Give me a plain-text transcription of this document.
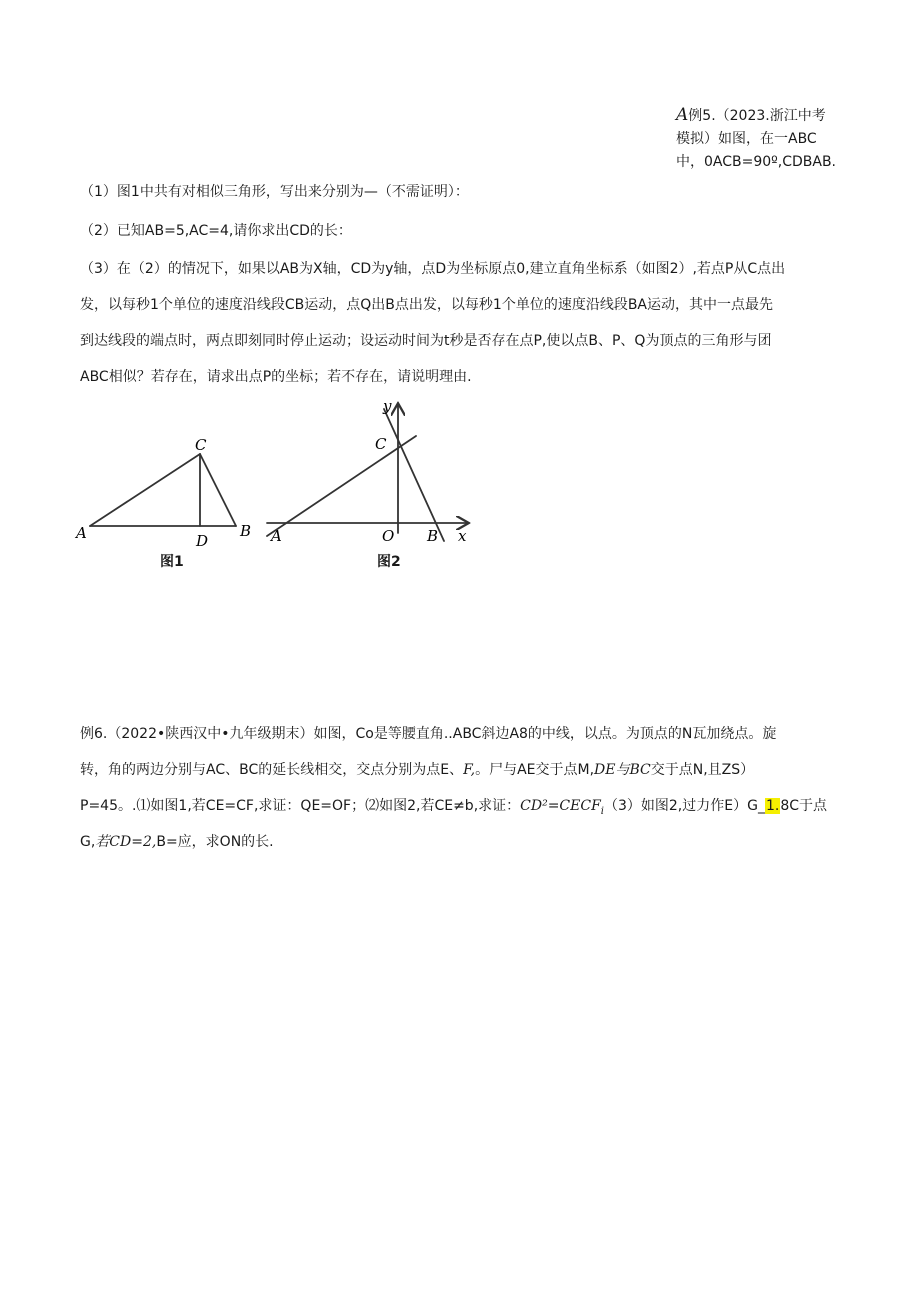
A例5.（2023.浙江中考
模拟）如图，在一ABC
中，0ACB=90º,CDBAB.
（1）图1中共有对相似三角形，写出来分别为—（不需证明）：
（2）已知AB=5,AC=4,请你求出CD的长：
（3）在（2）的情况下，如果以AB为X轴，CD为y轴，点D为坐标原点0,建立直角坐标系（如图2）,若点P从C点出
发，以每秒1个单位的速度沿线段CB运动，点Q出B点出发，以每秒1个单位的速度沿线段BA运动，其中一点最先
到达线段的端点时，两点即刻同时停止运动；设运动时间为t秒是否存在点P,使以点B、P、Q为顶点的三角形与团
ABC相似？若存在，请求出点P的坐标；若不存在，请说明理由.
C
A	D
B
图1
y
C
A	O B x
图2
例6.（2022•陕西汉中•九年级期末）如图，Co是等腰直角..ABC斜边A8的中线，以点。为顶点的N瓦加绕点。旋
转，角的两边分别与AC、BC的延长线相交，交点分别为点E、F,。尸与AE交于点M,DE与BC交于点N,且ZS）
P=45。.⑴如图1,若CE=CF,求证：QE=OF；⑵如图2,若CE≠b,求证：$CD^2=CECF_i(3)$如图2,过力作E）G_1.8C于点
G,若CD=2,B=应，求ON的长.
